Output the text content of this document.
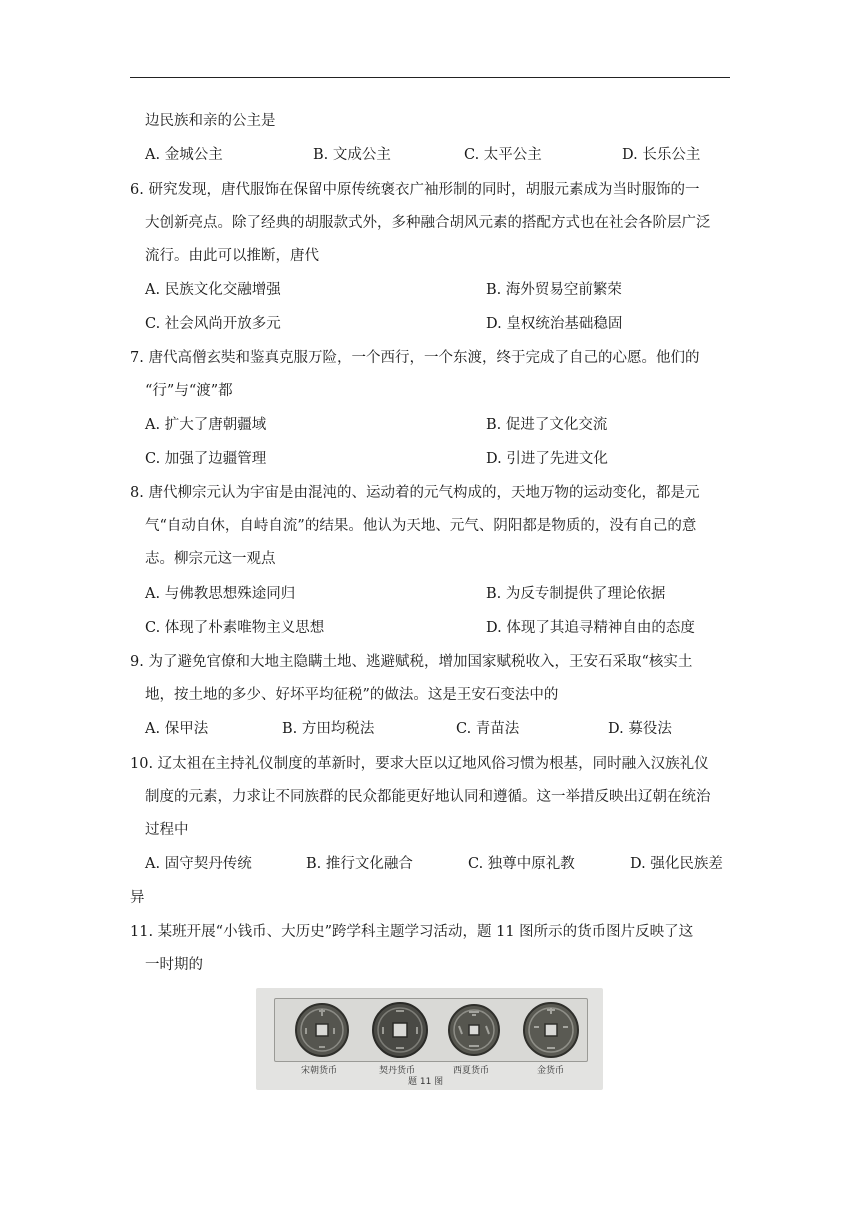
边民族和亲的公主是
A. 金城公主	B. 文成公主	C. 太平公主	D. 长乐公主
6. 研究发现，唐代服饰在保留中原传统褒衣广袖形制的同时，胡服元素成为当时服饰的一
大创新亮点。除了经典的胡服款式外，多种融合胡风元素的搭配方式也在社会各阶层广泛
流行。由此可以推断，唐代
A. 民族文化交融增强	B. 海外贸易空前繁荣
C. 社会风尚开放多元	D. 皇权统治基础稳固
7. 唐代高僧玄奘和鉴真克服万险，一个西行，一个东渡，终于完成了自己的心愿。他们的
“行”与“渡”都
A. 扩大了唐朝疆域	B. 促进了文化交流
C. 加强了边疆管理	D. 引进了先进文化
8. 唐代柳宗元认为宇宙是由混沌的、运动着的元气构成的，天地万物的运动变化，都是元
气“自动自休，自峙自流”的结果。他认为天地、元气、阴阳都是物质的，没有自己的意
志。柳宗元这一观点
A. 与佛教思想殊途同归	B. 为反专制提供了理论依据
C. 体现了朴素唯物主义思想	D. 体现了其追寻精神自由的态度
9. 为了避免官僚和大地主隐瞒土地、逃避赋税，增加国家赋税收入，王安石采取“核实土
地，按土地的多少、好坏平均征税”的做法。这是王安石变法中的
A. 保甲法	B. 方田均税法	C. 青苗法	D. 募役法
10. 辽太祖在主持礼仪制度的革新时，要求大臣以辽地风俗习惯为根基，同时融入汉族礼仪
制度的元素，力求让不同族群的民众都能更好地认同和遵循。这一举措反映出辽朝在统治
过程中
A. 固守契丹传统	B. 推行文化融合	C. 独尊中原礼教	D. 强化民族差
异
11. 某班开展“小钱币、大历史”跨学科主题学习活动，题 11 图所示的货币图片反映了这
一时期的
宋朝货币	契丹货币	西夏货币	金货币
题 11 图
